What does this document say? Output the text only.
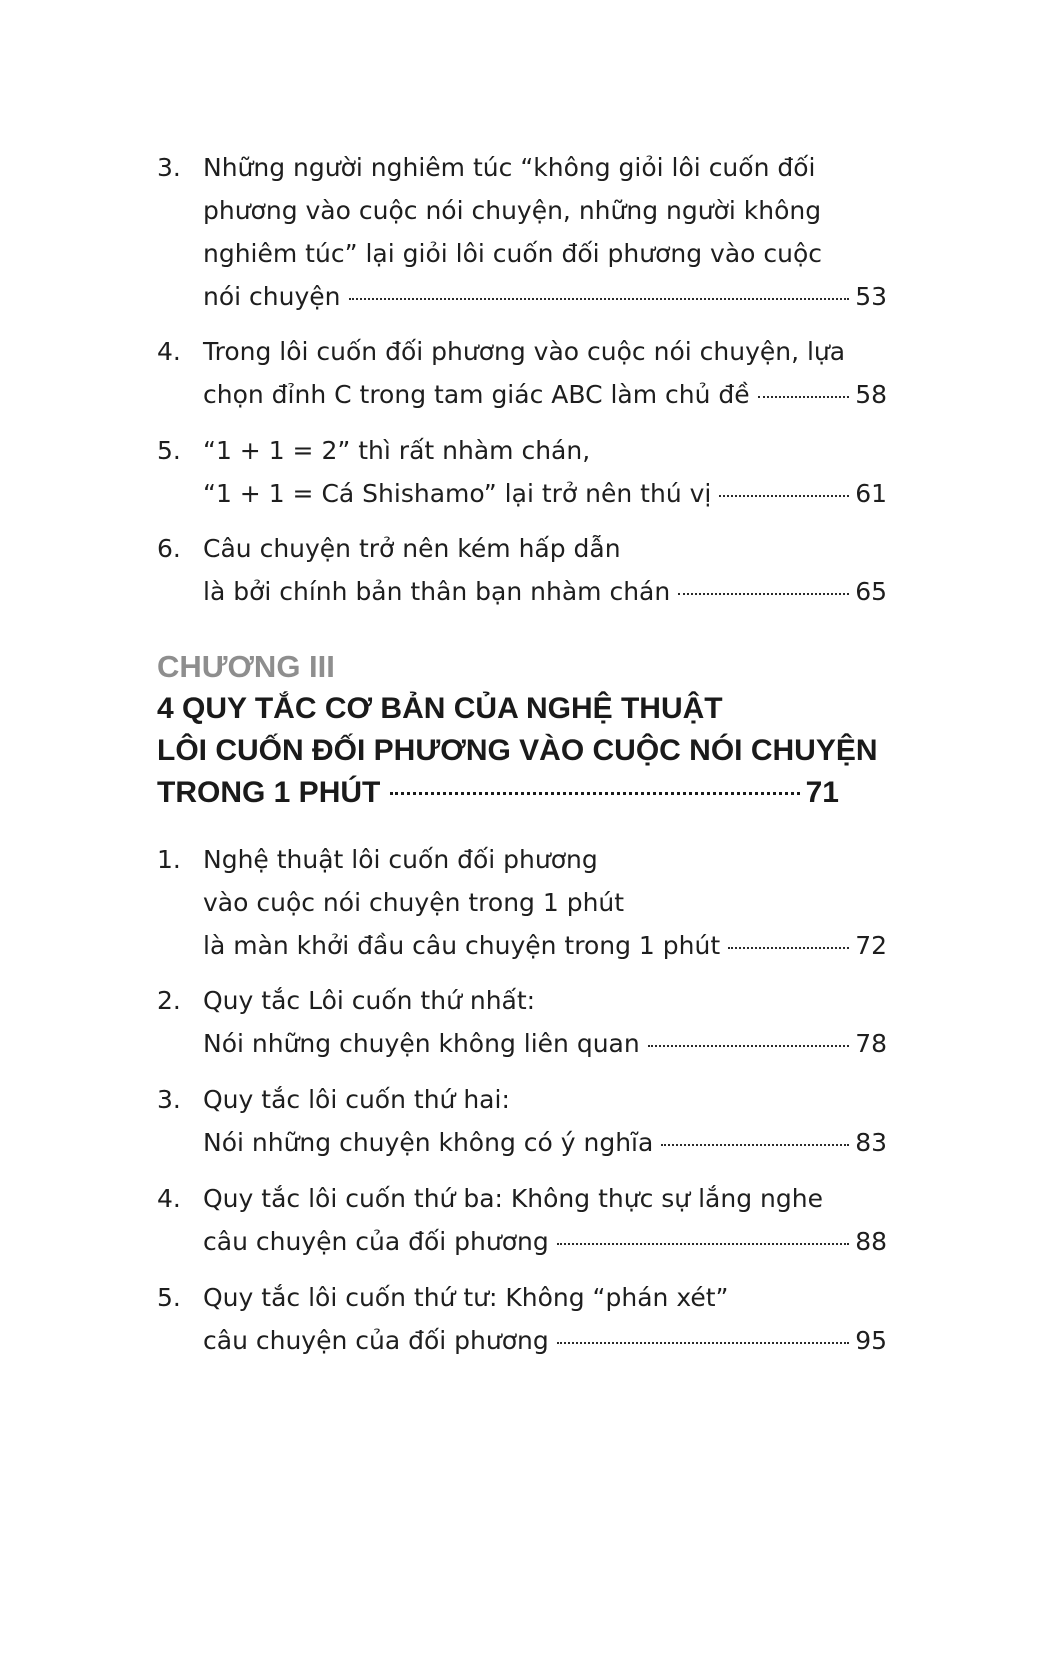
3. Những người nghiêm túc “không giỏi lôi cuốn đối
phương vào cuộc nói chuyện, những người không
nghiêm túc” lại giỏi lôi cuốn đối phương vào cuộc
nói chuyện	53
4. Trong lôi cuốn đối phương vào cuộc nói chuyện, lựa
chọn đỉnh C trong tam giác ABC làm chủ đề	58
5. “1 + 1 = 2” thì rất nhàm chán,
“1 + 1 = Cá Shishamo” lại trở nên thú vị	61
6. Câu chuyện trở nên kém hấp dẫn
là bởi chính bản thân bạn nhàm chán	65
CHƯƠNG III
4 QUY TẮC CƠ BẢN CỦA NGHỆ THUẬT
LÔI CUỐN ĐỐI PHƯƠNG VÀO CUỘC NÓI CHUYỆN
TRONG 1 PHÚT	71
1. Nghệ thuật lôi cuốn đối phương
vào cuộc nói chuyện trong 1 phút
là màn khởi đầu câu chuyện trong 1 phút	72
2. Quy tắc Lôi cuốn thứ nhất:
Nói những chuyện không liên quan	78
3. Quy tắc lôi cuốn thứ hai:
Nói những chuyện không có ý nghĩa	83
4. Quy tắc lôi cuốn thứ ba: Không thực sự lắng nghe
câu chuyện của đối phương	88
5. Quy tắc lôi cuốn thứ tư: Không “phán xét”
câu chuyện của đối phương	95
